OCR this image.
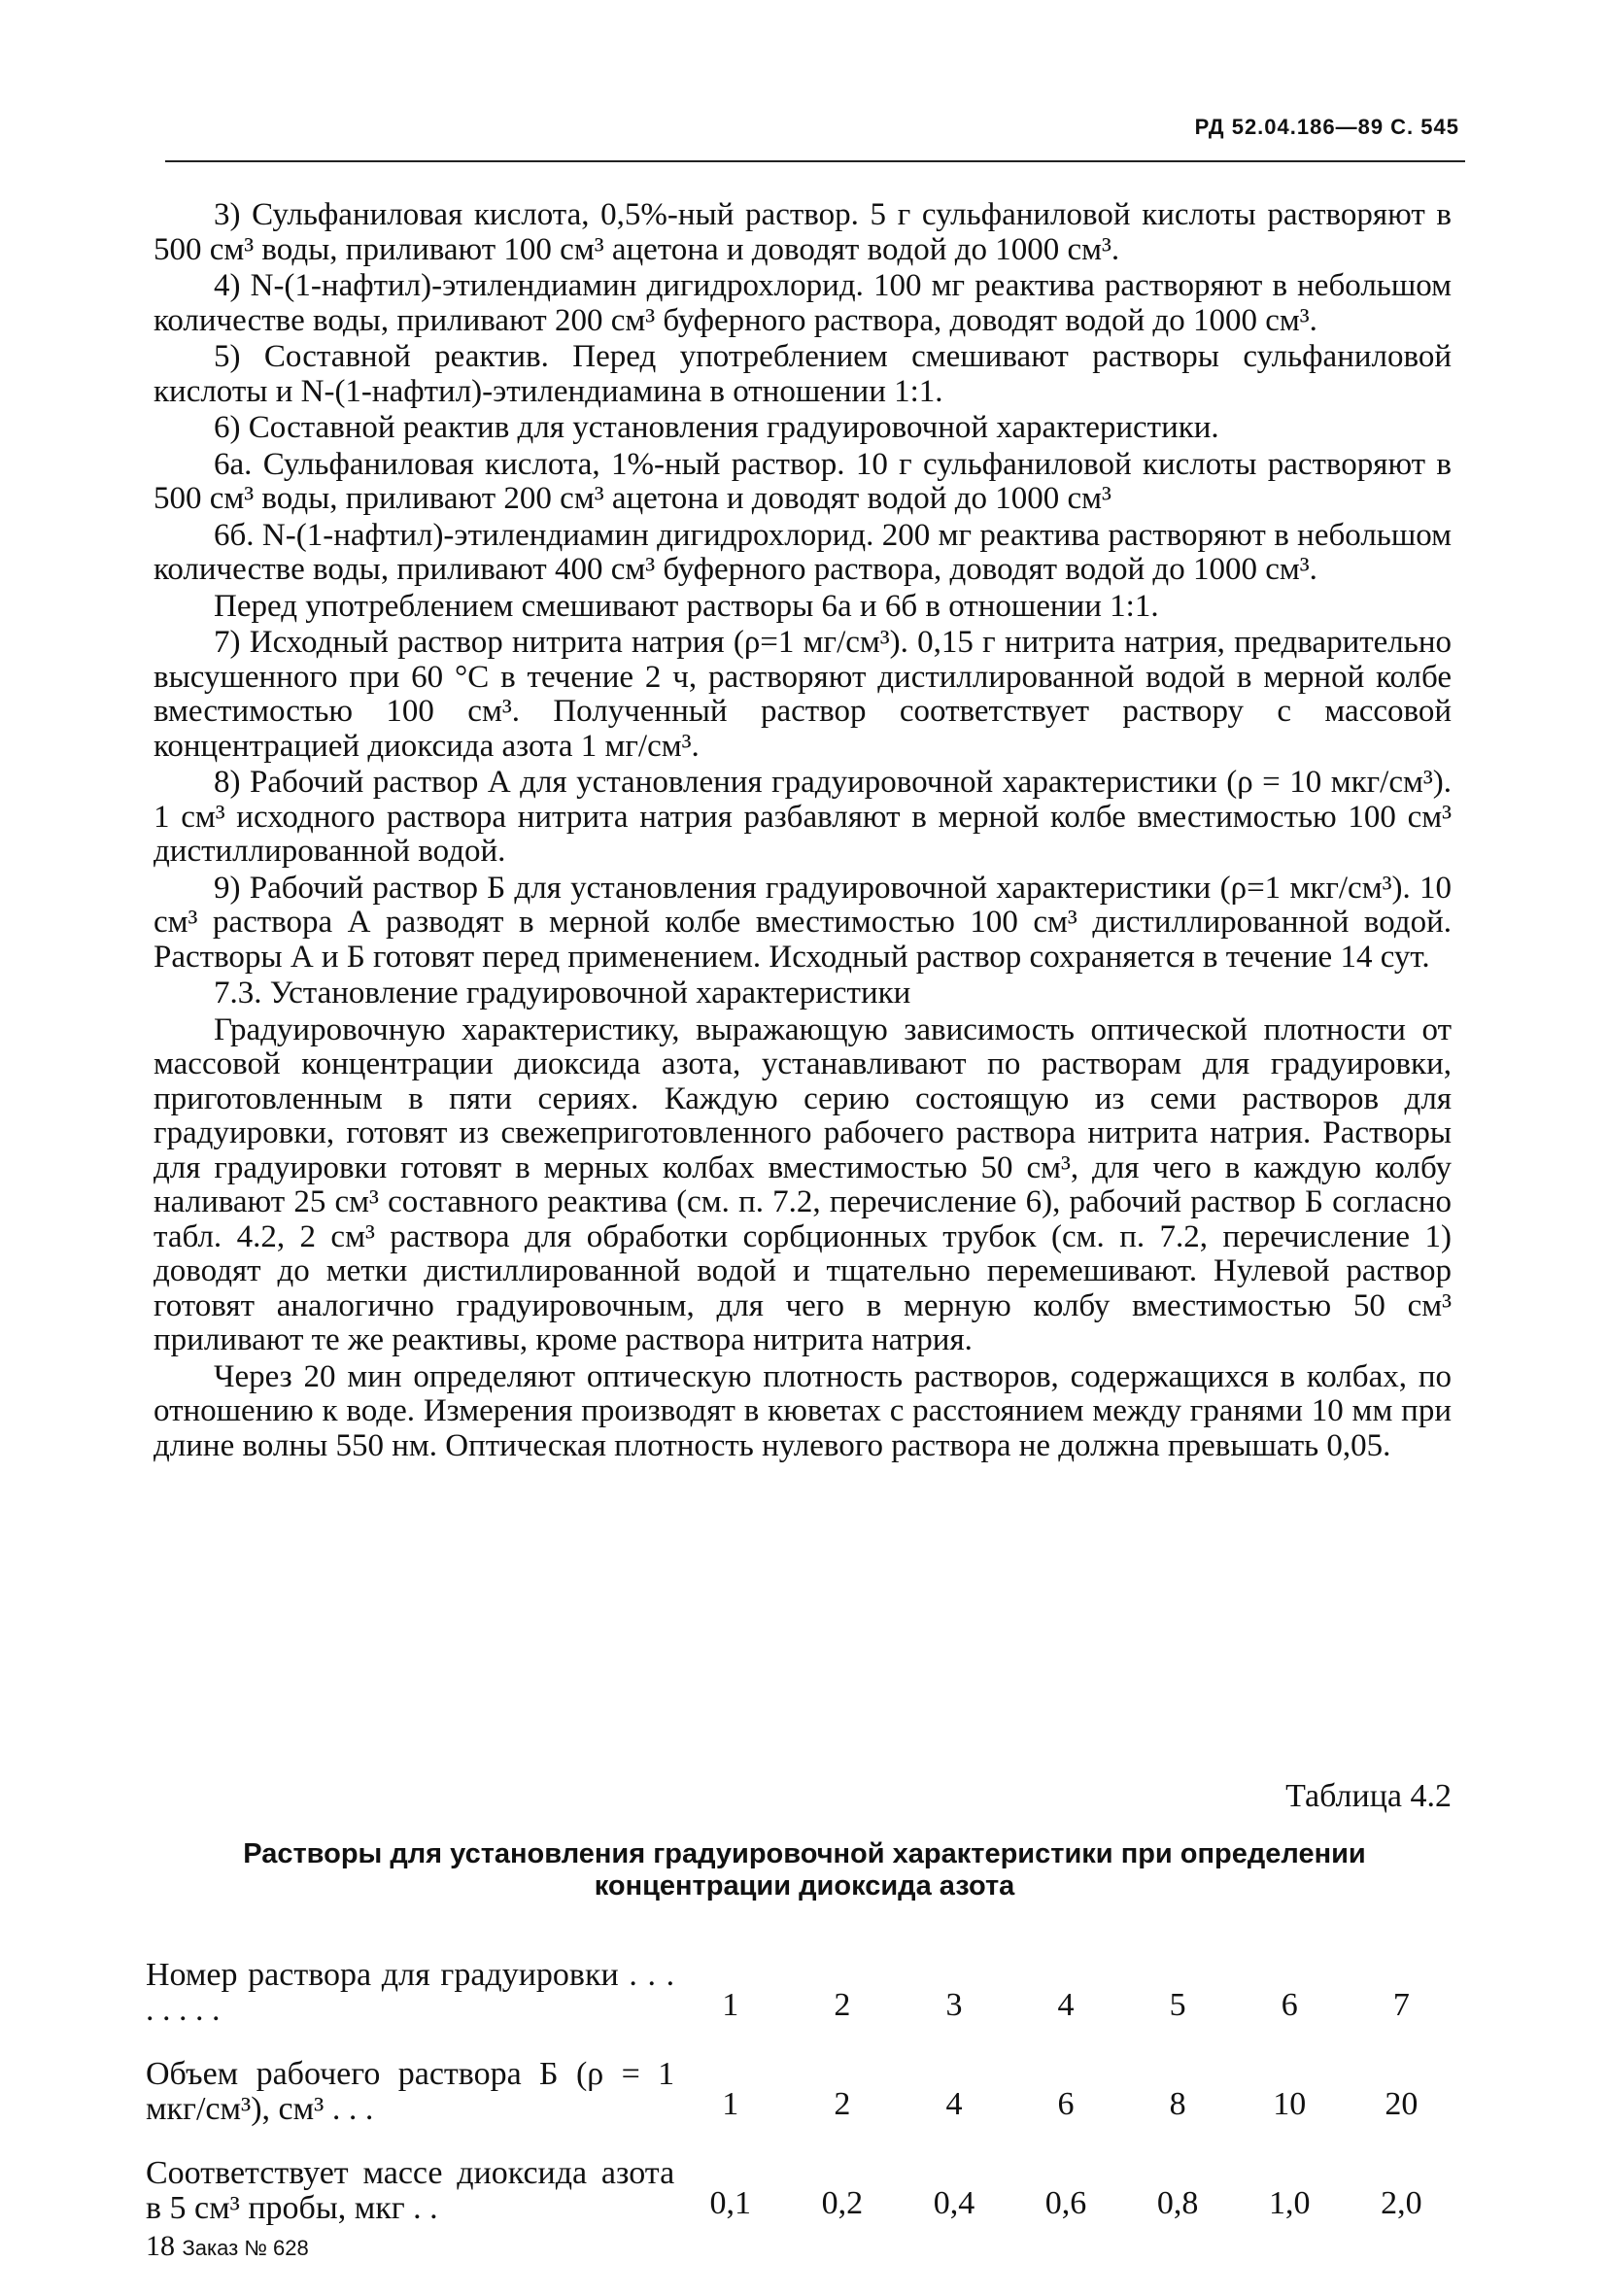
РД 52.04.186—89 С. 545

3) Сульфаниловая кислота, 0,5%-ный раствор. 5 г сульфаниловой кислоты растворяют в 500 см³ воды, приливают 100 см³ ацетона и доводят водой до 1000 см³.

4) N-(1-нафтил)-этилендиамин дигидрохлорид. 100 мг реактива растворяют в небольшом количестве воды, приливают 200 см³ буферного раствора, доводят водой до 1000 см³.

5) Составной реактив. Перед употреблением смешивают растворы сульфаниловой кислоты и N-(1-нафтил)-этилендиамина в отношении 1:1.

6) Составной реактив для установления градуировочной характеристики.

6а. Сульфаниловая кислота, 1%-ный раствор. 10 г сульфаниловой кислоты растворяют в 500 см³ воды, приливают 200 см³ ацетона и доводят водой до 1000 см³

6б. N-(1-нафтил)-этилендиамин дигидрохлорид. 200 мг реактива растворяют в небольшом количестве воды, приливают 400 см³ буферного раствора, доводят водой до 1000 см³.

Перед употреблением смешивают растворы 6а и 6б в отношении 1:1.

7) Исходный раствор нитрита натрия (ρ=1 мг/см³). 0,15 г нитрита натрия, предварительно высушенного при 60 °С в течение 2 ч, растворяют дистиллированной водой в мерной колбе вместимостью 100 см³. Полученный раствор соответствует раствору с массовой концентрацией диоксида азота 1 мг/см³.

8) Рабочий раствор А для установления градуировочной характеристики (ρ = 10 мкг/см³). 1 см³ исходного раствора нитрита натрия разбавляют в мерной колбе вместимостью 100 см³ дистиллированной водой.

9) Рабочий раствор Б для установления градуировочной характеристики (ρ=1 мкг/см³). 10 см³ раствора А разводят в мерной колбе вместимостью 100 см³ дистиллированной водой. Растворы А и Б готовят перед применением. Исходный раствор сохраняется в течение 14 сут.

7.3. Установление градуировочной характеристики

Градуировочную характеристику, выражающую зависимость оптической плотности от массовой концентрации диоксида азота, устанавливают по растворам для градуировки, приготовленным в пяти сериях. Каждую серию состоящую из семи растворов для градуировки, готовят из свежеприготовленного рабочего раствора нитрита натрия. Растворы для градуировки готовят в мерных колбах вместимостью 50 см³, для чего в каждую колбу наливают 25 см³ составного реактива (см. п. 7.2, перечисление 6), рабочий раствор Б согласно табл. 4.2, 2 см³ раствора для обработки сорбционных трубок (см. п. 7.2, перечисление 1) доводят до метки дистиллированной водой и тщательно перемешивают. Нулевой раствор готовят аналогично градуировочным, для чего в мерную колбу вместимостью 50 см³ приливают те же реактивы, кроме раствора нитрита натрия.

Через 20 мин определяют оптическую плотность растворов, содержащихся в колбах, по отношению к воде. Измерения производят в кюветах с расстоянием между гранями 10 мм при длине волны 550 нм. Оптическая плотность нулевого раствора не должна превышать 0,05.

Таблица 4.2
Растворы для установления градуировочной характеристики при определении концентрации диоксида азота
Номер раствора для градуировки . . . . . . . .	1	2	3	4	5	6	7
Объем рабочего раствора Б (ρ = 1 мкг/см³), см³ . . .	1	2	4	6	8	10	20
Соответствует массе диоксида азота в 5 см³ пробы, мкг . .	0,1	0,2	0,4	0,6	0,8	1,0	2,0
18 Заказ № 628
